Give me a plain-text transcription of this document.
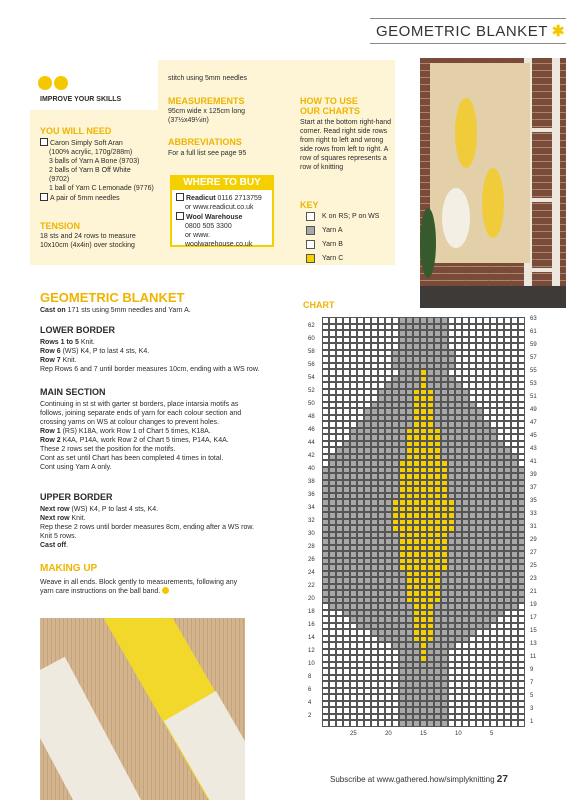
GEOMETRIC BLANKET ✱
IMPROVE YOUR SKILLS
YOU WILL NEED
Caron Simply Soft Aran
(100% acrylic, 170g/288m)
3 balls of Yarn A Bone (9703)
2 balls of Yarn B Off White
(9702)
1 ball of Yarn C Lemonade (9776)
A pair of 5mm needles
TENSION
18 sts and 24 rows to measure
10x10cm (4x4in) over stocking
stitch using 5mm needles
MEASUREMENTS
95cm wide x 125cm long
(37½x49¼in)
ABBREVIATIONS
For a full list see page 95
WHERE TO BUY
Readicut 0116 2713759
or www.readicut.co.uk
Wool Warehouse
0800 505 3300
or www.
woolwarehouse.co.uk
HOW TO USE
OUR CHARTS
Start at the bottom right-hand
corner. Read right side rows
from right to left and wrong
side rows from left to right. A
row of squares represents a
row of knitting
KEY
K on RS; P on WS
Yarn A
Yarn B
Yarn C
GEOMETRIC BLANKET
Cast on 171 sts using 5mm needles and Yarn A.
LOWER BORDER
Rows 1 to 5 Knit.
Row 6 (WS) K4, P to last 4 sts, K4.
Row 7 Knit.
Rep Rows 6 and 7 until border measures 10cm, ending with a WS row.
MAIN SECTION
Continuing in st st with garter st borders, place intarsia motifs as
follows, joining separate ends of yarn for each colour section and
crossing yarns on WS at colour changes to prevent holes.
Row 1 (RS) K18A, work Row 1 of Chart 5 times, K18A.
Row 2 K4A, P14A, work Row 2 of Chart 5 times, P14A, K4A.
These 2 rows set the position for the motifs.
Cont as set until Chart has been completed 4 times in total.
Cont using Yarn A only.
UPPER BORDER
Next row (WS) K4, P to last 4 sts, K4.
Next row Knit.
Rep these 2 rows until border measures 8cm, ending after a WS row.
Knit 5 rows.
Cast off.
MAKING UP
Weave in all ends. Block gently to measurements, following any
yarn care instructions on the ball band.
CHART
62
60
58
56
54
52
50
48
46
44
42
40
38
36
34
32
30
28
26
24
22
20
18
16
14
12
10
8
6
4
2
63
61
59
57
55
53
51
49
47
45
43
41
39
37
35
33
31
29
27
25
23
21
19
17
15
13
11
9
7
5
3
1
25	20	15	10	5
Subscribe at www.gathered.how/simplyknitting 27
